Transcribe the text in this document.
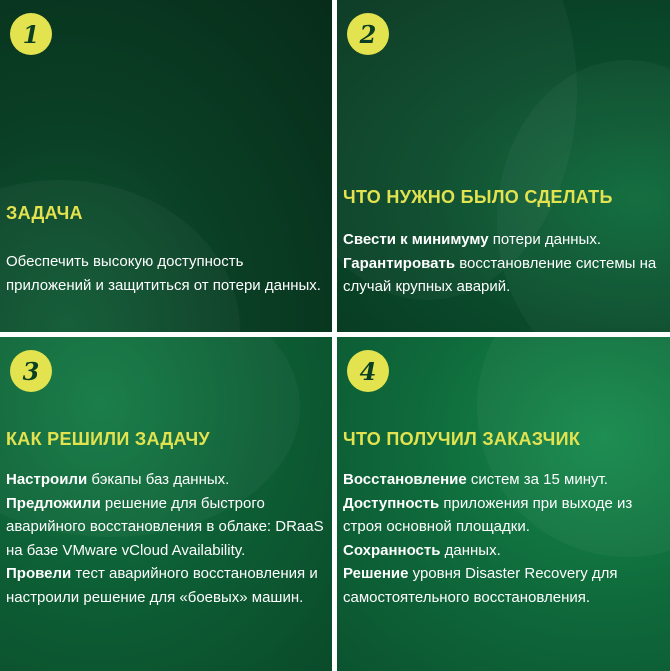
1
ЗАДАЧА

Обеспечить высокую доступность приложений и защититься от потери данных.

2
ЧТО НУЖНО БЫЛО СДЕЛАТЬ

Свести к минимуму потери данных.

Гарантировать восстановление системы на случай крупных аварий.

3
КАК РЕШИЛИ ЗАДАЧУ

Настроили бэкапы баз данных.

Предложили решение для быстрого аварийного восстановления в облаке: DRaaS на базе VMware vCloud Availability.

Провели тест аварийного восстановления и настроили решение для «боевых» машин.

4
ЧТО ПОЛУЧИЛ ЗАКАЗЧИК

Восстановление систем за 15 минут.

Доступность приложения при выходе из строя основной площадки.

Сохранность данных.

Решение уровня Disaster Recovery для самостоятельного восстановления.
